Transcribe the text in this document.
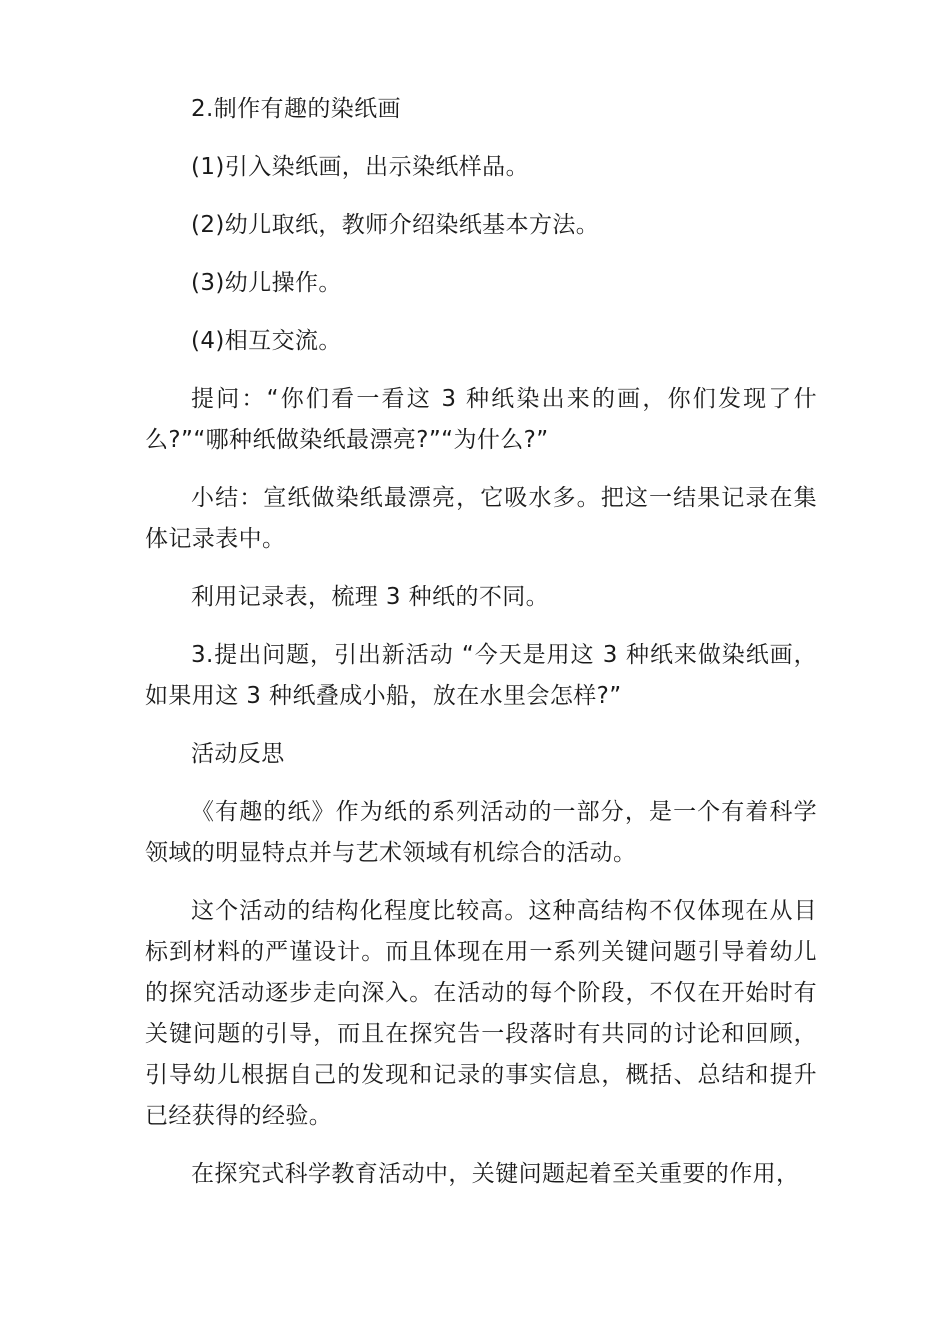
2.制作有趣的染纸画

(1)引入染纸画，出示染纸样品。

(2)幼儿取纸，教师介绍染纸基本方法。

(3)幼儿操作。

(4)相互交流。

提问：“你们看一看这 3 种纸染出来的画，你们发现了什么?”“哪种纸做染纸最漂亮?”“为什么?”

小结：宣纸做染纸最漂亮，它吸水多。把这一结果记录在集体记录表中。

利用记录表，梳理 3 种纸的不同。

3.提出问题，引出新活动 “今天是用这 3 种纸来做染纸画，如果用这 3 种纸叠成小船，放在水里会怎样?”

活动反思

《有趣的纸》作为纸的系列活动的一部分，是一个有着科学领域的明显特点并与艺术领域有机综合的活动。

这个活动的结构化程度比较高。这种高结构不仅体现在从目标到材料的严谨设计。而且体现在用一系列关键问题引导着幼儿的探究活动逐步走向深入。在活动的每个阶段，不仅在开始时有关键问题的引导，而且在探究告一段落时有共同的讨论和回顾，引导幼儿根据自己的发现和记录的事实信息，概括、总结和提升已经获得的经验。

在探究式科学教育活动中，关键问题起着至关重要的作用，
